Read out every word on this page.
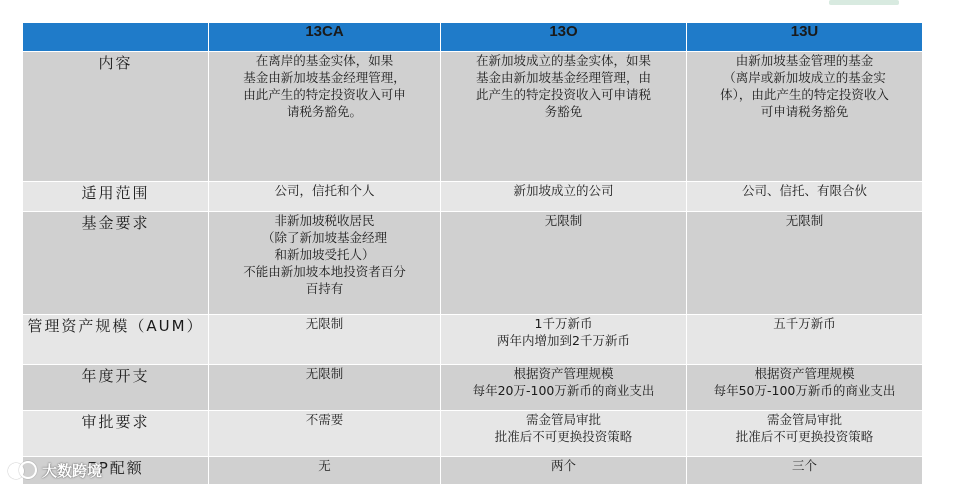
	13CA	13O	13U
内容	在离岸的基金实体，如果
基金由新加坡基金经理管理，
由此产生的特定投资收入可申
请税务豁免。	在新加坡成立的基金实体，如果
基金由新加坡基金经理管理，由
此产生的特定投资收入可申请税
务豁免	由新加坡基金管理的基金
（离岸或新加坡成立的基金实
体），由此产生的特定投资收入
可申请税务豁免

适用范围	公司，信托和个人	新加坡成立的公司	公司、信托、有限合伙

基金要求	非新加坡税收居民
（除了新加坡基金经理
和新加坡受托人）
不能由新加坡本地投资者百分
百持有	无限制	无限制

管理资产规模（AUM）	无限制	1千万新币
两年内增加到2千万新币	五千万新币

年度开支	无限制	根据资产管理规模
每年20万-100万新币的商业支出	根据资产管理规模
每年50万-100万新币的商业支出

审批要求	不需要	需金管局审批
批准后不可更换投资策略	需金管局审批
批准后不可更换投资策略

EP配额	无	两个	三个
大数跨境
